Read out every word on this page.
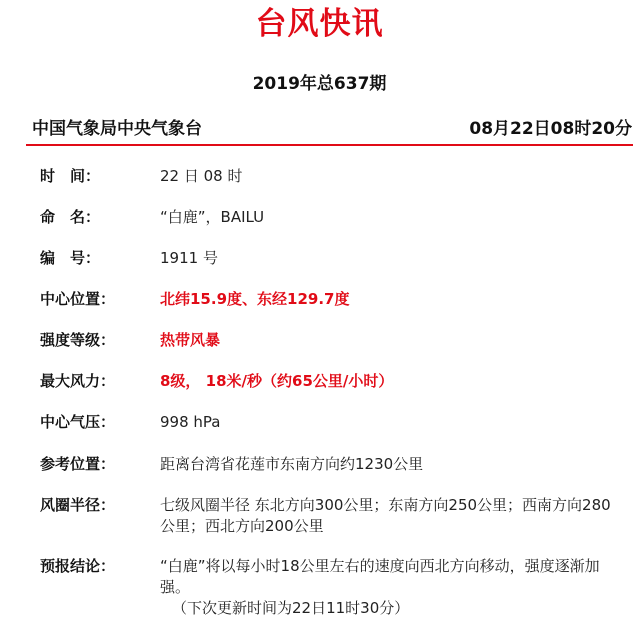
台风快讯
2019年总637期
中国气象局中央气象台	08月22日08时20分
时　间：	22 日 08 时
命　名：	“白鹿”，BAILU
编　号：	1911 号
中心位置：	北纬15.9度、东经129.7度
强度等级：	热带风暴
最大风力：	8级， 18米/秒（约65公里/小时）
中心气压：	998 hPa
参考位置：	距离台湾省花莲市东南方向约1230公里
风圈半径：	七级风圈半径 东北方向300公里；东南方向250公里；西南方向280公里；西北方向200公里
预报结论：	“白鹿”将以每小时18公里左右的速度向西北方向移动，强度逐渐加强。
（下次更新时间为22日11时30分）
